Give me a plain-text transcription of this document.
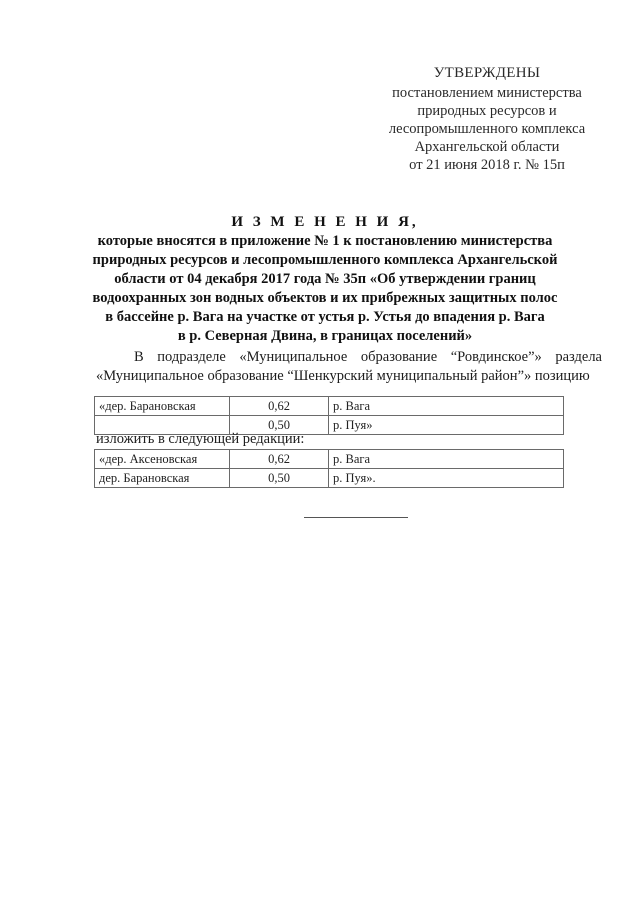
УТВЕРЖДЕНЫ
постановлением министерства
природных ресурсов и
лесопромышленного комплекса
Архангельской области
от 21 июня 2018 г. № 15п
И З М Е Н Е Н И Я,
которые вносятся в приложение № 1 к постановлению министерства
природных ресурсов и лесопромышленного комплекса Архангельской
области от 04 декабря 2017 года № 35п «Об утверждении границ
водоохранных зон водных объектов и их прибрежных защитных полос
в бассейне р. Вага на участке от устья р. Устья до впадения р. Вага
в р. Северная Двина, в границах поселений»

В подразделе «Муниципальное образование “Ровдинское”» раздела «Муниципальное образование “Шенкурский муниципальный район”» позицию

«дер. Барановская	0,62	р. Вага
	0,50	р. Пуя»
изложить в следующей редакции:
«дер. Аксеновская	0,62	р. Вага
дер. Барановская	0,50	р. Пуя».
